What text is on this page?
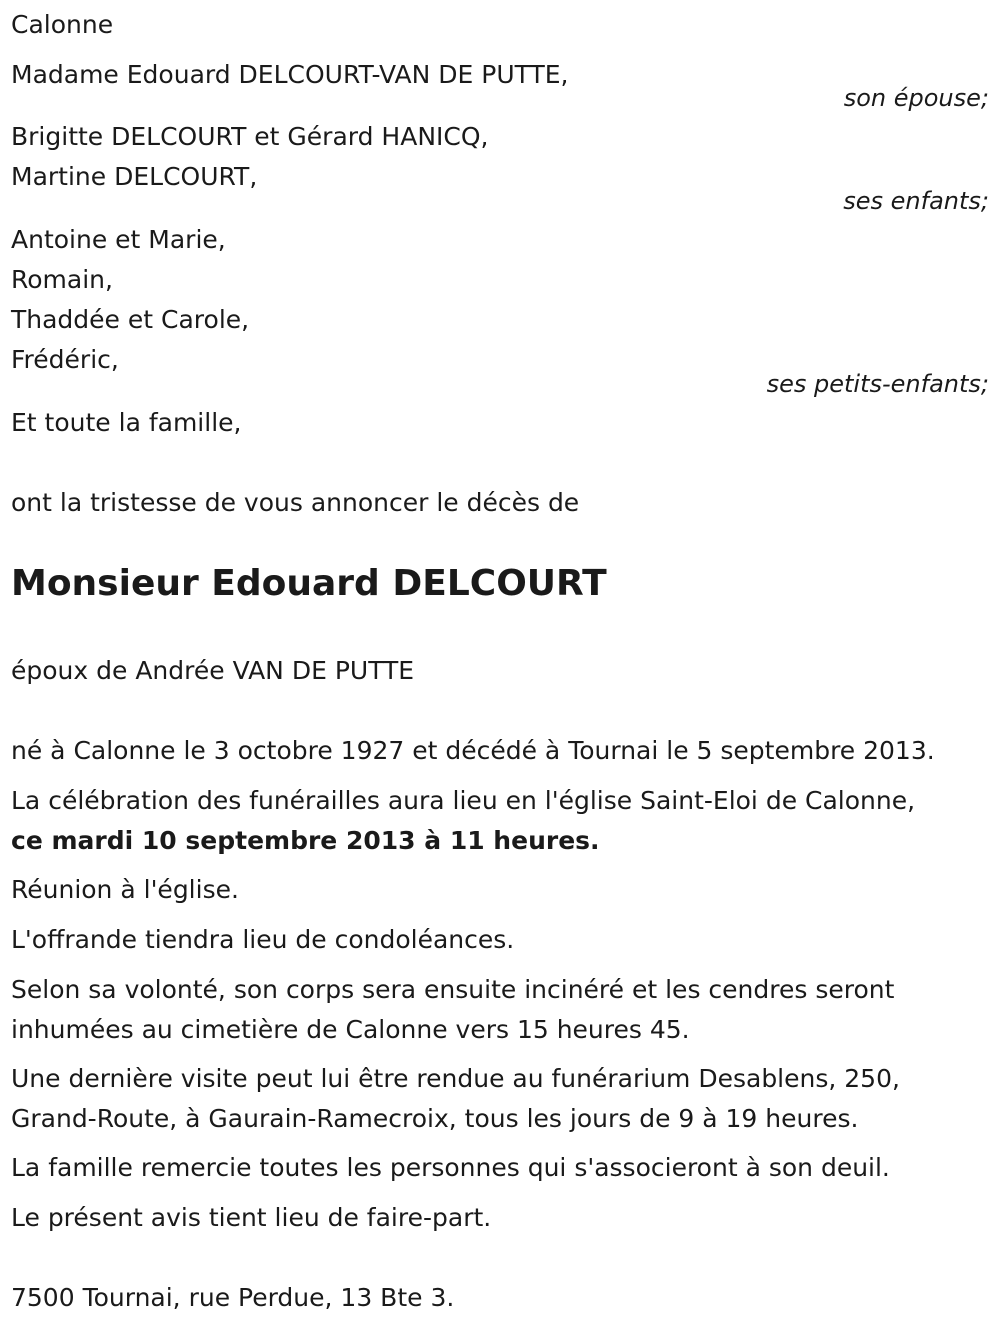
Calonne
Madame Edouard DELCOURT-VAN DE PUTTE,
son épouse;
Brigitte DELCOURT et Gérard HANICQ,
Martine DELCOURT,
ses enfants;
Antoine et Marie,
Romain,
Thaddée et Carole,
Frédéric,
ses petits-enfants;
Et toute la famille,
ont la tristesse de vous annoncer le décès de
Monsieur Edouard DELCOURT
époux de Andrée VAN DE PUTTE
né à Calonne le 3 octobre 1927 et décédé à Tournai le 5 septembre 2013.
La célébration des funérailles aura lieu en l'église Saint-Eloi de Calonne,
ce mardi 10 septembre 2013 à 11 heures.
Réunion à l'église.
L'offrande tiendra lieu de condoléances.
Selon sa volonté, son corps sera ensuite incinéré et les cendres seront
inhumées au cimetière de Calonne vers 15 heures 45.
Une dernière visite peut lui être rendue au funérarium Desablens, 250,
Grand-Route, à Gaurain-Ramecroix, tous les jours de 9 à 19 heures.
La famille remercie toutes les personnes qui s'associeront à son deuil.
Le présent avis tient lieu de faire-part.
7500 Tournai, rue Perdue, 13 Bte 3.
